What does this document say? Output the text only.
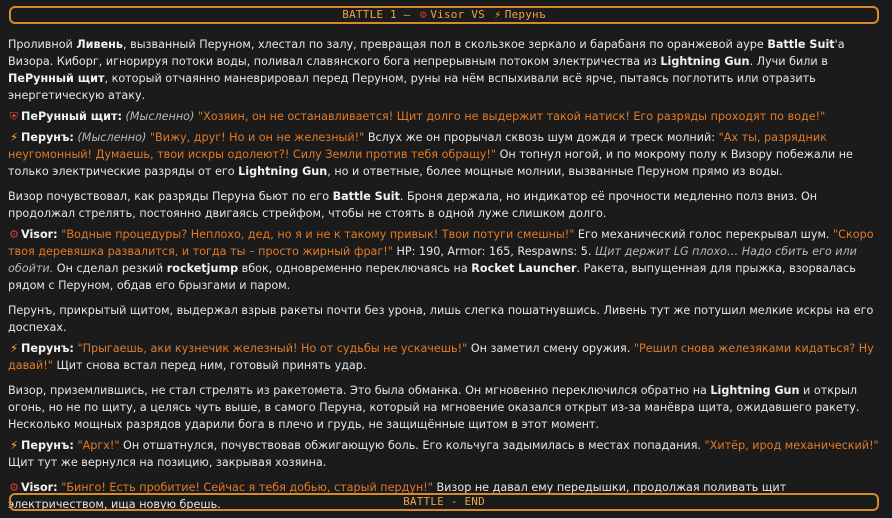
BATTLE 1 – ⚙ Visor VS ⚡ Перунъ

Проливной Ливень, вызванный Перуном, хлестал по залу, превращая пол в скользкое зеркало и барабаня по оранжевой ауре Battle Suit'а Визора. Киборг, игнорируя потоки воды, поливал славянского бога непрерывным потоком электричества из Lightning Gun. Лучи били в ПеРунный щит, который отчаянно маневрировал перед Перуном, руны на нём вспыхивали всё ярче, пытаясь поглотить или отразить энергетическую атаку.

⛨ ПеРунный щит: (Мысленно) "Хозяин, он не останавливается! Щит долго не выдержит такой натиск! Его разряды проходят по воде!"

⚡ Перунъ: (Мысленно) "Вижу, друг! Но и он не железный!" Вслух же он прорычал сквозь шум дождя и треск молний: "Ах ты, разрядник неугомонный! Думаешь, твои искры одолеют?! Силу Земли против тебя обращу!" Он топнул ногой, и по мокрому полу к Визору побежали не только электрические разряды от его Lightning Gun, но и ответные, более мощные молнии, вызванные Перуном прямо из воды.

Визор почувствовал, как разряды Перуна бьют по его Battle Suit. Броня держала, но индикатор её прочности медленно полз вниз. Он продолжал стрелять, постоянно двигаясь стрейфом, чтобы не стоять в одной луже слишком долго.

⚙ Visor: "Водные процедуры? Неплохо, дед, но я и не к такому привык! Твои потуги смешны!" Его механический голос перекрывал шум. "Скоро твоя деревяшка развалится, и тогда ты – просто жирный фраг!" HP: 190, Armor: 165, Respawns: 5. Щит держит LG плохо… Надо сбить его или обойти. Он сделал резкий rocketjump вбок, одновременно переключаясь на Rocket Launcher. Ракета, выпущенная для прыжка, взорвалась рядом с Перуном, обдав его брызгами и паром.

Перунъ, прикрытый щитом, выдержал взрыв ракеты почти без урона, лишь слегка пошатнувшись. Ливень тут же потушил мелкие искры на его доспехах.

⚡ Перунъ: "Прыгаешь, аки кузнечик железный! Но от судьбы не ускачешь!" Он заметил смену оружия. "Решил снова железяками кидаться? Ну давай!" Щит снова встал перед ним, готовый принять удар.

Визор, приземлившись, не стал стрелять из ракетомета. Это была обманка. Он мгновенно переключился обратно на Lightning Gun и открыл огонь, но не по щиту, а целясь чуть выше, в самого Перуна, который на мгновение оказался открыт из-за манёвра щита, ожидавшего ракету. Несколько мощных разрядов ударили бога в плечо и грудь, не защищённые щитом в этот момент.

⚡ Перунъ: "Аргх!" Он отшатнулся, почувствовав обжигающую боль. Его кольчуга задымилась в местах попадания. "Хитёр, ирод механический!" Щит тут же вернулся на позицию, закрывая хозяина.

⚙ Visor: "Бинго! Есть пробитие! Сейчас я тебя добью, старый пердун!" Визор не давал ему передышки, продолжая поливать щит электричеством, ища новую брешь.	BATTLE - END
